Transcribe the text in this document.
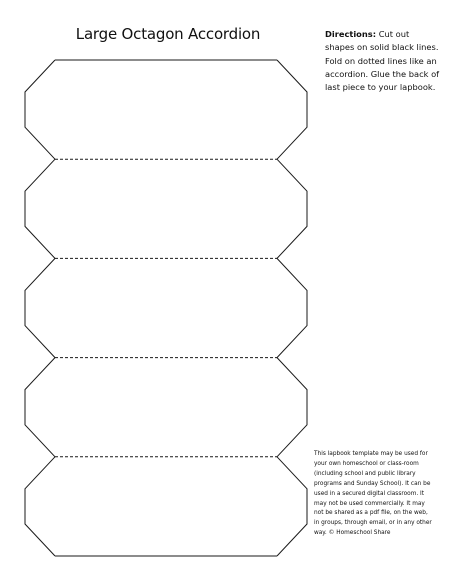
Large Octagon Accordion	Directions: Cut out shapes on solid black lines. Fold on dotted lines like an accordion. Glue the back of last piece to your lapbook.
This lapbook template may be used for your own homeschool or class-room (including school and public library programs and Sunday School). It can be used in a secured digital classroom. It may not be used commercially. It may not be shared as a pdf file, on the web, in groups, through email, or in any other way. © Homeschool Share
